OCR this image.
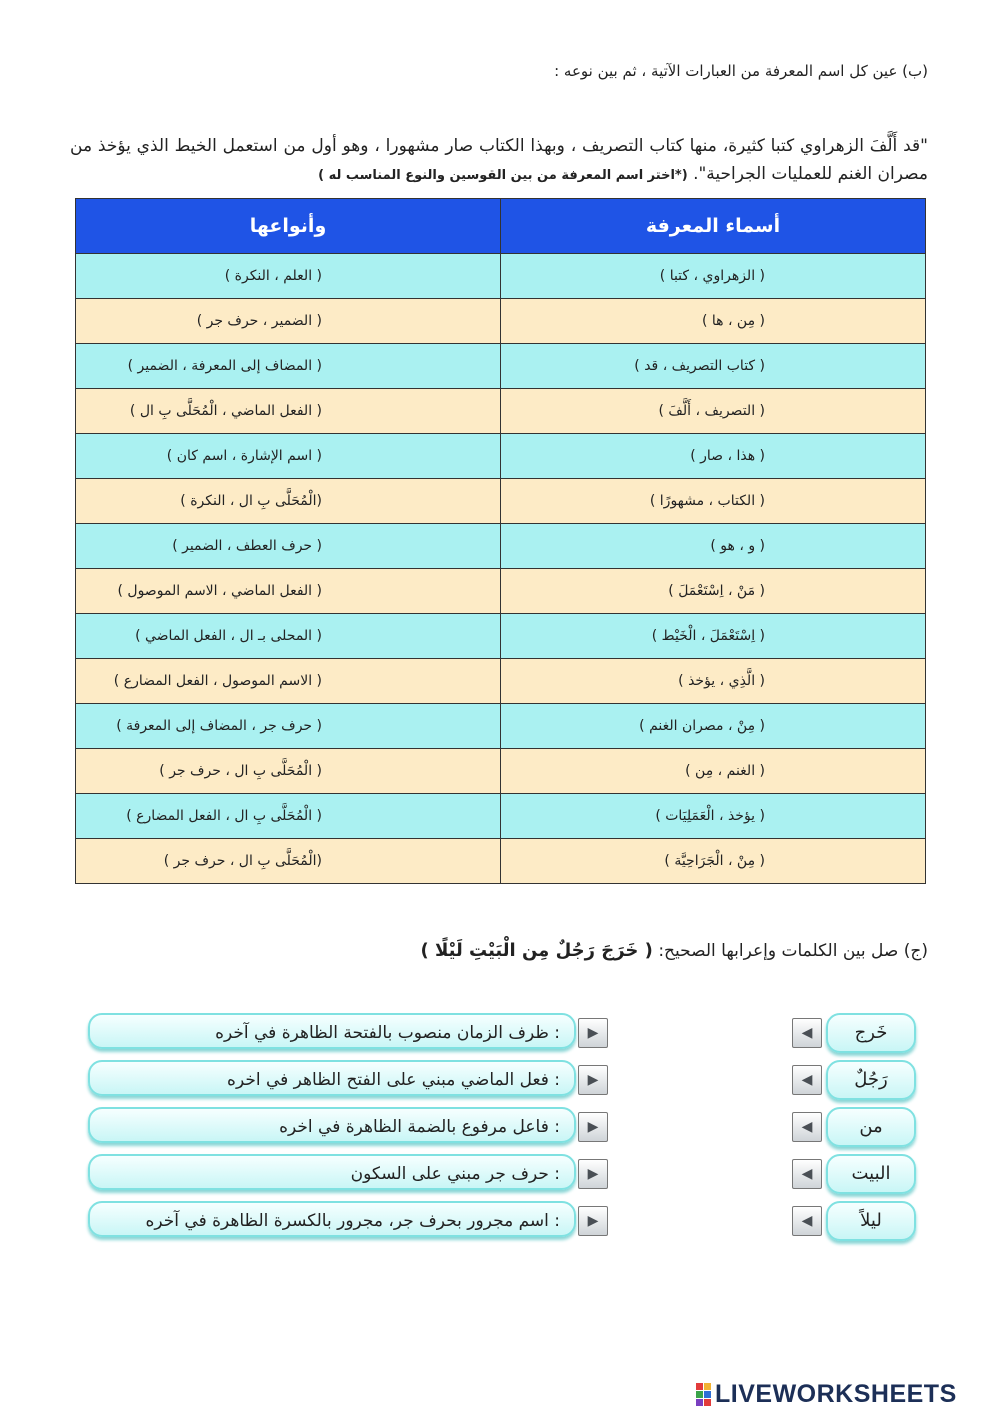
(ب) عين كل اسم المعرفة من العبارات الآتية ، ثم بين نوعه :
"قد أَلَّفَ الزهراوي كتبا كثيرة، منها كتاب التصريف ، وبهذا الكتاب صار مشهورا ، وهو أول من استعمل الخيط الذي يؤخذ من مصران الغنم للعمليات الجراحية". (*اختر اسم المعرفة من بين القوسين والنوع المناسب له )
أسماء المعرفة	وأنواعها
( الزهراوي ، كتبا )	( العلم ، النكرة )
( مِن ، ها )	( الضمير ، حرف جر )
( كتاب التصريف ، قد )	( المضاف إلى المعرفة ، الضمير )
( التصريف ، أَلَّفَ )	( الفعل الماضي ، الْمُحَلَّى بِ ال )
( هذا ، صار )	( اسم الإشارة ، اسم كان )
( الكتاب ، مشهورًا )	(الْمُحَلَّى بِ ال ، النكرة )
( و ، هو )	( حرف العطف ، الضمير )
( مَنْ ، اِسْتَعْمَلَ )	( الفعل الماضي ، الاسم الموصول )
( اِسْتَعْمَلَ ، الْخَيْط )	( المحلى بـ ال ، الفعل الماضي )
( الَّذِي ، يؤخذ )	( الاسم الموصول ، الفعل المضارع )
( مِنْ ، مصران الغنم )	( حرف جر ، المضاف إلى المعرفة )
( الغنم ، مِن )	( الْمُحَلَّى بِ ال ، حرف جر )
( يؤخذ ، الْعَمَلِيَات )	( الْمُحَلَّى بِ ال ، الفعل المضارع )
( مِنْ ، الْجَرَاحِيَّة )	(الْمُحَلَّى بِ ال ، حرف جر )
(ج) صل بين الكلمات وإعرابها الصحيح: ( خَرَجَ رَجُلٌ مِن الْبَيْتِ لَيْلًا )
خَرج
◀
رَجُلٌ
◀
من
◀
البيت
◀
ليلاً
◀
: ظرف الزمان منصوب بالفتحة الظاهرة في آخره	▶
: فعل الماضي مبني على الفتح الظاهر في اخره	▶
: فاعل مرفوع بالضمة الظاهرة في اخره	▶
: حرف جر مبني على السكون	▶
: اسم مجرور بحرف جر، مجرور بالكسرة الظاهرة في آخره	▶
LIVEWORKSHEETS
